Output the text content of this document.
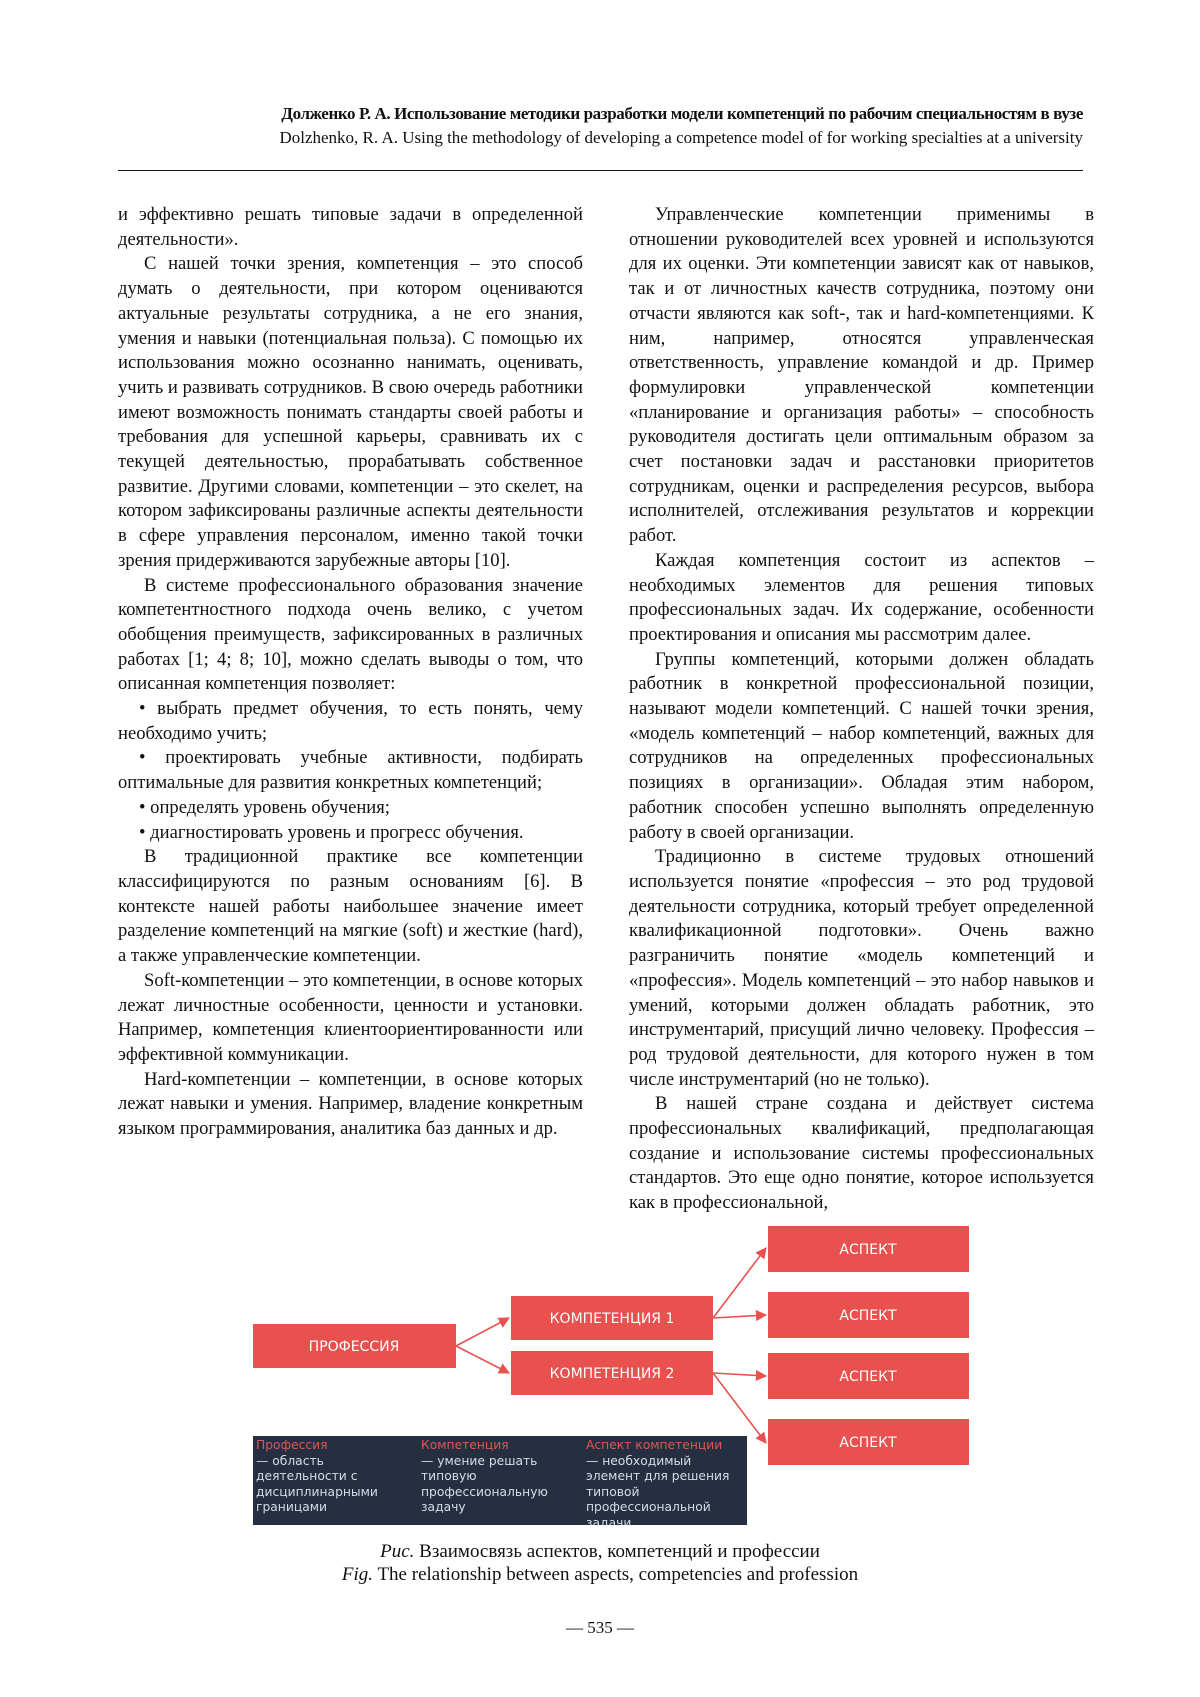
Долженко Р. А. Использование методики разработки модели компетенций по рабочим специальностям в вузе
Dolzhenko, R. A. Using the methodology of developing a competence model of for working specialties at a university

и эффективно решать типовые задачи в определенной деятельности».

С нашей точки зрения, компетенция – это способ думать о деятельности, при котором оцениваются актуальные результаты сотрудника, а не его знания, умения и навыки (потенциальная польза). С помощью их использования можно осознанно нанимать, оценивать, учить и развивать сотрудников. В свою очередь работники имеют возможность понимать стандарты своей работы и требования для успешной карьеры, сравнивать их с текущей деятельностью, прорабатывать собственное развитие. Другими словами, компетенции – это скелет, на котором зафиксированы различные аспекты деятельности в сфере управления персоналом, именно такой точки зрения придерживаются зарубежные авторы [10].

В системе профессионального образования значение компетентностного подхода очень велико, с учетом обобщения преимуществ, зафиксированных в различных работах [1; 4; 8; 10], можно сделать выводы о том, что описанная компетенция позволяет:

• выбрать предмет обучения, то есть понять, чему необходимо учить;

• проектировать учебные активности, подбирать оптимальные для развития конкретных компетенций;

• определять уровень обучения;

• диагностировать уровень и прогресс обучения.

В традиционной практике все компетенции классифицируются по разным основаниям [6]. В контексте нашей работы наибольшее значение имеет разделение компетенций на мягкие (soft) и жесткие (hard), а также управленческие компетенции.

Soft-компетенции – это компетенции, в основе которых лежат личностные особенности, ценности и установки. Например, компетенция клиентоориентированности или эффективной коммуникации.

Hard-компетенции – компетенции, в основе которых лежат навыки и умения. Например, владение конкретным языком программирования, аналитика баз данных и др.

Управленческие компетенции применимы в отношении руководителей всех уровней и используются для их оценки. Эти компетенции зависят как от навыков, так и от личностных качеств сотрудника, поэтому они отчасти являются как soft-, так и hard-компетенциями. К ним, например, относятся управленческая ответственность, управление командой и др. Пример формулировки управленческой компетенции «планирование и организация работы» – способность руководителя достигать цели оптимальным образом за счет постановки задач и расстановки приоритетов сотрудникам, оценки и распределения ресурсов, выбора исполнителей, отслеживания результатов и коррекции работ.

Каждая компетенция состоит из аспектов – необходимых элементов для решения типовых профессиональных задач. Их содержание, особенности проектирования и описания мы рассмотрим далее.

Группы компетенций, которыми должен обладать работник в конкретной профессиональной позиции, называют модели компетенций. С нашей точки зрения, «модель компетенций – набор компетенций, важных для сотрудников на определенных профессиональных позициях в организации». Обладая этим набором, работник способен успешно выполнять определенную работу в своей организации.

Традиционно в системе трудовых отношений используется понятие «профессия – это род трудовой деятельности сотрудника, который требует определенной квалификационной подготовки». Очень важно разграничить понятие «модель компетенций и «профессия». Модель компетенций – это набор навыков и умений, которыми должен обладать работник, это инструментарий, присущий лично человеку. Профессия – род трудовой деятельности, для которого нужен в том числе инструментарий (но не только).

В нашей стране создана и действует система профессиональных квалификаций, предполагающая создание и использование системы профессиональных стандартов. Это еще одно понятие, которое используется как в профессиональной,

ПРОФЕССИЯ
КОМПЕТЕНЦИЯ 1
КОМПЕТЕНЦИЯ 2
АСПЕКТ
АСПЕКТ
АСПЕКТ
АСПЕКТ
Профессия
— область деятельности с дисциплинарными границами
Компетенция
— умение решать типовую профессиональную задачу
Аспект компетенции
— необходимый элемент для решения типовой профессиональной задачи
Рис. Взаимосвязь аспектов, компетенций и профессии
Fig. The relationship between aspects, competencies and profession
— 535 —
